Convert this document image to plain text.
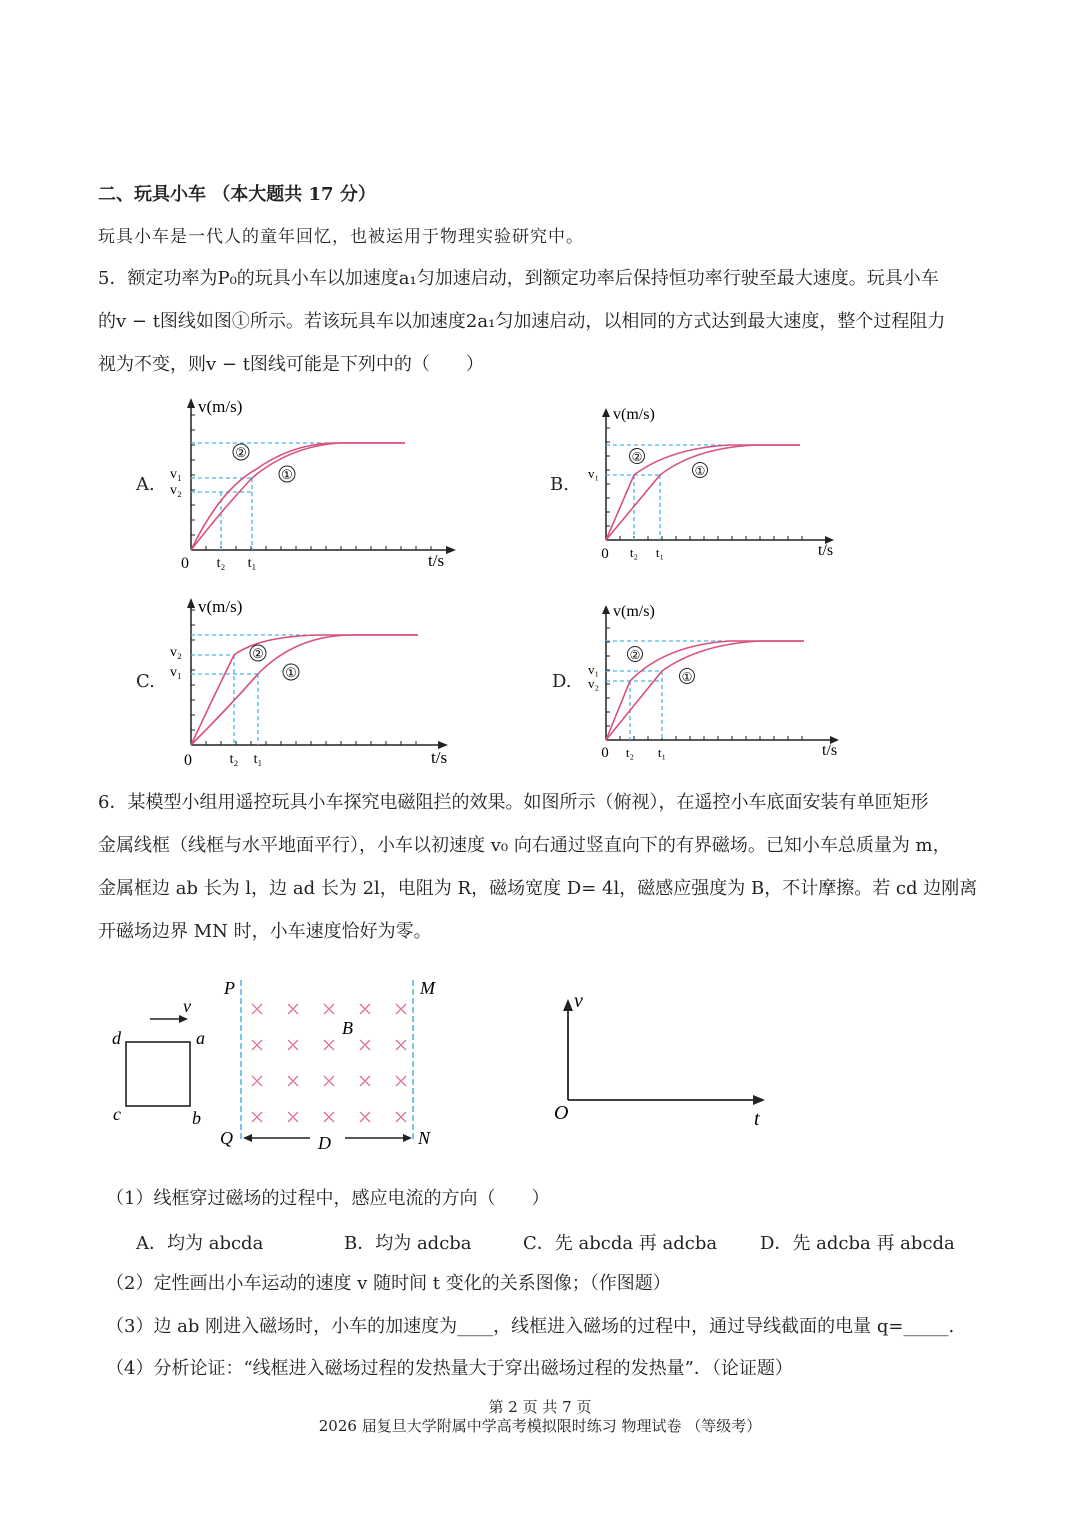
二、玩具小车 （本大题共 17 分）
玩具小车是一代人的童年回忆，也被运用于物理实验研究中。
5．额定功率为P₀的玩具小车以加速度a₁匀加速启动，到额定功率后保持恒功率行驶至最大速度。玩具小车
的v − t图线如图①所示。若该玩具车以加速度2a₁匀加速启动，以相同的方式达到最大速度，整个过程阻力
视为不变，则v − t图线可能是下列中的（　　）
A.
②
①
v(m/s)
t/s
0
v₁
v₂
t₂ t₁
B.
②
①
v(m/s)
t/s
0
v₁
t₂ t₁
C.
②
①
v(m/s)
t/s
0
v₂
v₁
t₂ t₁
D.
②
①
v(m/s)
t/s
0
v₁
v₂
t₂ t₁
6．某模型小组用遥控玩具小车探究电磁阻拦的效果。如图所示（俯视），在遥控小车底面安装有单匝矩形
金属线框（线框与水平地面平行），小车以初速度 v₀ 向右通过竖直向下的有界磁场。已知小车总质量为 m，
金属框边 ab 长为 l，边 ad 长为 2l，电阻为 R，磁场宽度 D= 4l，磁感应强度为 B，不计摩擦。若 cd 边刚离
开磁场边界 MN 时，小车速度恰好为零。
v
d	a
c	b
P	M
Q	N
B
D
v
t
O
（1）线框穿过磁场的过程中，感应电流的方向（　　）
A．均为 abcda	B．均为 adcba	C．先 abcda 再 adcba D．先 adcba 再 abcda
（2）定性画出小车运动的速度 v 随时间 t 变化的关系图像；（作图题）
（3）边 ab 刚进入磁场时，小车的加速度为____，线框进入磁场的过程中，通过导线截面的电量 q=_____.
（4）分析论证：“线框进入磁场过程的发热量大于穿出磁场过程的发热量”．（论证题）
第 2 页 共 7 页
2026 届复旦大学附属中学高考模拟限时练习 物理试卷 （等级考）
